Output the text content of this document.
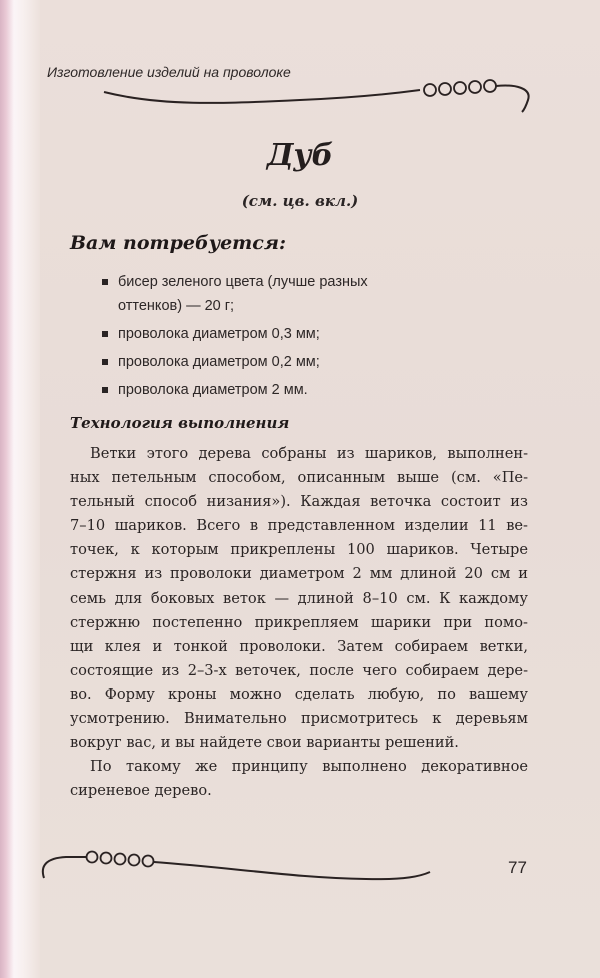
Изготовление изделий на проволоке
Дуб
(см. цв. вкл.)
Вам потребуется:
бисер зеленого цвета (лучше разных
оттенков) — 20 г;
проволока диаметром 0,3 мм;
проволока диаметром 0,2 мм;
проволока диаметром 2 мм.
Технология выполнения
Ветки этого дерева собраны из шариков, выполнен-
ных петельным способом, описанным выше (см. «Пе-
тельный способ низания»). Каждая веточка состоит из
7–10 шариков. Всего в представленном изделии 11 ве-
точек, к которым прикреплены 100 шариков. Четыре
стержня из проволоки диаметром 2 мм длиной 20 см и
семь для боковых веток — длиной 8–10 см. К каждому
стержню постепенно прикрепляем шарики при помо-
щи клея и тонкой проволоки. Затем собираем ветки,
состоящие из 2–3-х веточек, после чего собираем дере-
во. Форму кроны можно сделать любую, по вашему
усмотрению. Внимательно присмотритесь к деревьям
вокруг вас, и вы найдете свои варианты решений.
По такому же принципу выполнено декоративное
сиреневое дерево.
77
